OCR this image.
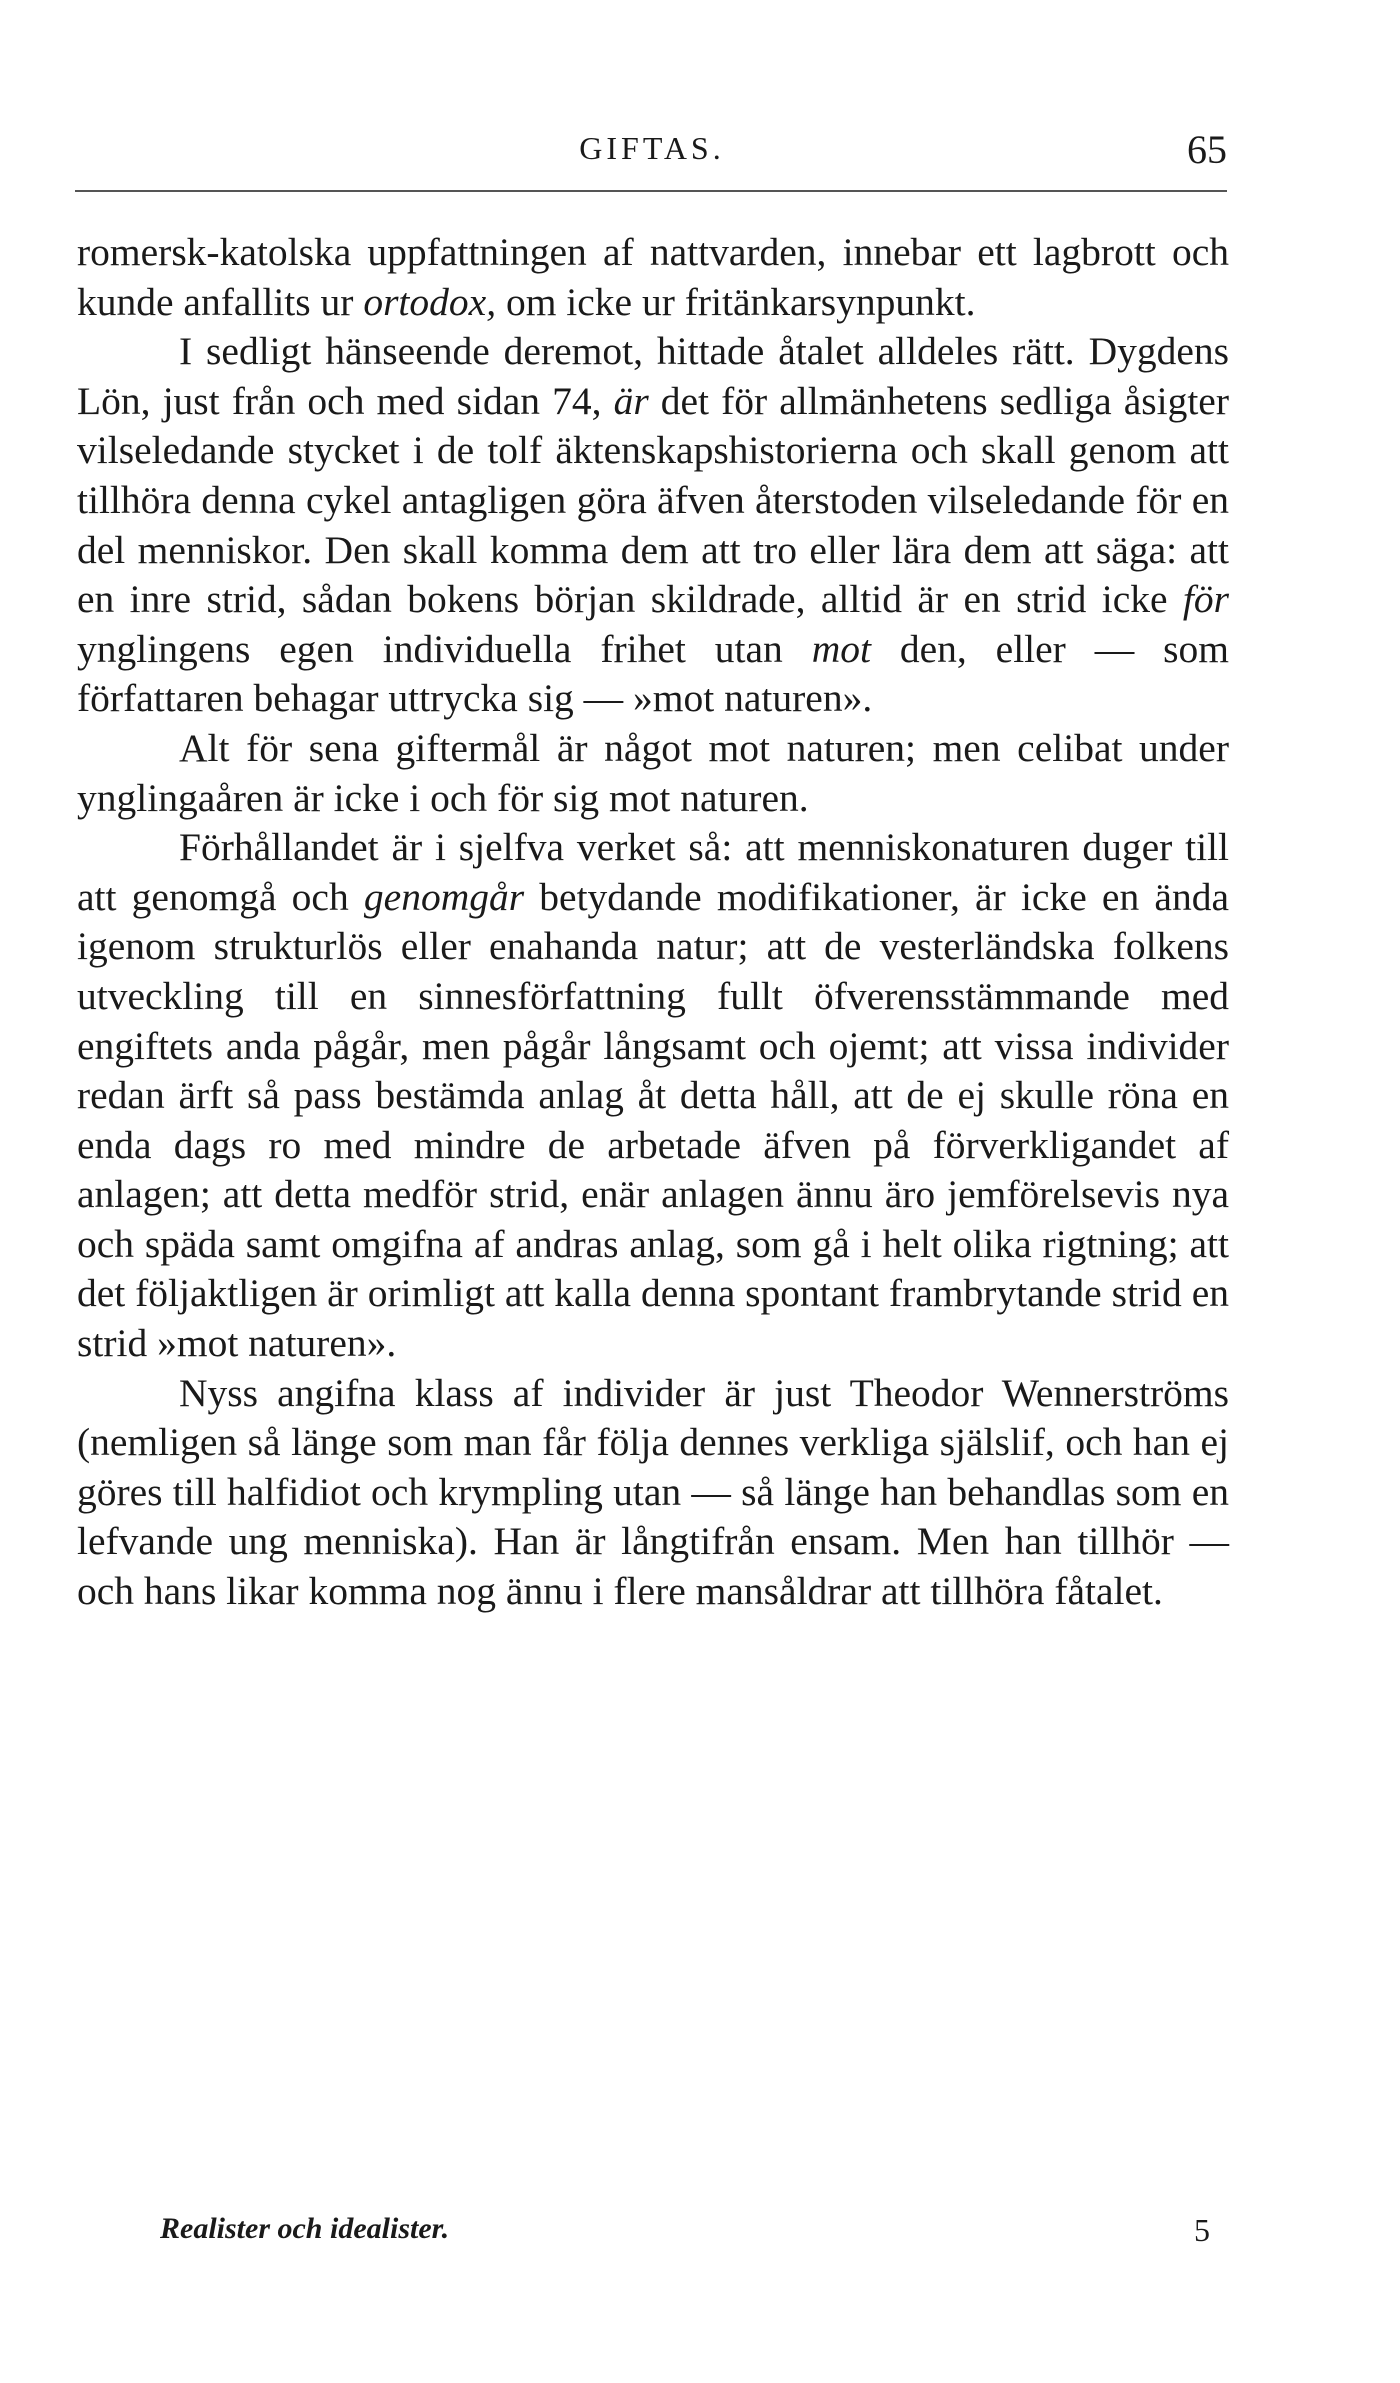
GIFTAS.	65

romersk-katolska uppfattningen af nattvarden, innebar ett lagbrott och kunde anfallits ur ortodox, om icke ur fritänkarsynpunkt.

I sedligt hänseende deremot, hittade åtalet alldeles rätt. Dygdens Lön, just från och med sidan 74, är det för allmänhetens sedliga åsigter vilseledande stycket i de tolf äktenskapshistorierna och skall genom att tillhöra denna cykel antagligen göra äfven återstoden vilseledande för en del menniskor. Den skall komma dem att tro eller lära dem att säga: att en inre strid, sådan bokens början skildrade, alltid är en strid icke för ynglingens egen individuella frihet utan mot den, eller — som författaren behagar uttrycka sig — »mot naturen».

Alt för sena giftermål är något mot naturen; men celibat under ynglingaåren är icke i och för sig mot naturen.

Förhållandet är i sjelfva verket så: att menniskonaturen duger till att genomgå och genomgår betydande modifikationer, är icke en ända igenom strukturlös eller enahanda natur; att de vesterländska folkens utveckling till en sinnesförfattning fullt öfverensstämmande med engiftets anda pågår, men pågår långsamt och ojemt; att vissa individer redan ärft så pass bestämda anlag åt detta håll, att de ej skulle röna en enda dags ro med mindre de arbetade äfven på förverkligandet af anlagen; att detta medför strid, enär anlagen ännu äro jemförelsevis nya och späda samt omgifna af andras anlag, som gå i helt olika rigtning; att det följaktligen är orimligt att kalla denna spontant frambrytande strid en strid »mot naturen».

Nyss angifna klass af individer är just Theodor Wennerströms (nemligen så länge som man får följa dennes verkliga själslif, och han ej göres till halfidiot och krympling utan — så länge han behandlas som en lefvande ung menniska). Han är långtifrån ensam. Men han tillhör — och hans likar komma nog ännu i flere mansåldrar att tillhöra fåtalet.

Realister och idealister.	5
